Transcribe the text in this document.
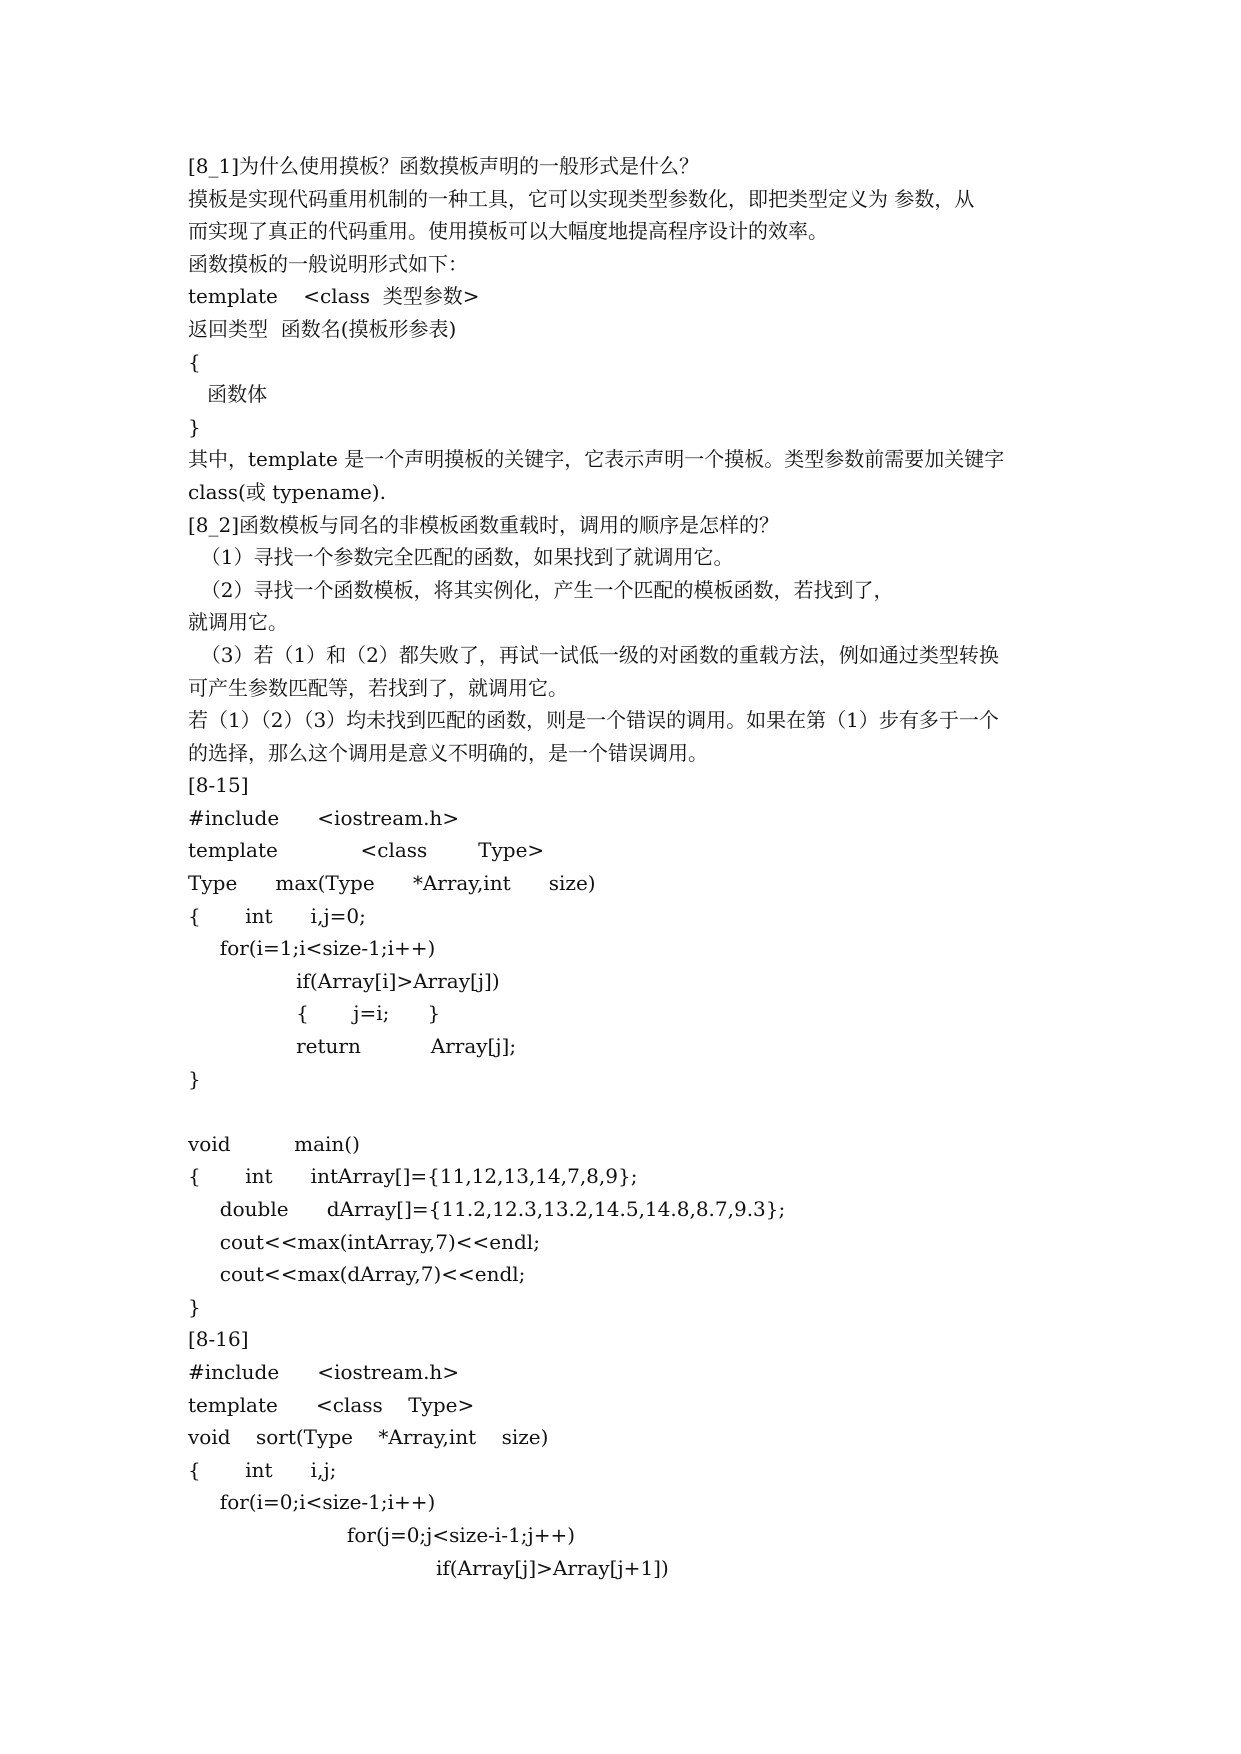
[8_1]为什么使用摸板？函数摸板声明的一般形式是什么？
摸板是实现代码重用机制的一种工具，它可以实现类型参数化，即把类型定义为 参数，从
而实现了真正的代码重用。使用摸板可以大幅度地提高程序设计的效率。
函数摸板的一般说明形式如下：
template    <class  类型参数>
返回类型  函数名(摸板形参表)
{
函数体
}
其中，template 是一个声明摸板的关键字，它表示声明一个摸板。类型参数前需要加关键字
class(或 typename).
[8_2]函数模板与同名的非模板函数重载时，调用的顺序是怎样的？
（1）寻找一个参数完全匹配的函数，如果找到了就调用它。
（2）寻找一个函数模板，将其实例化，产生一个匹配的模板函数，若找到了，
就调用它。
（3）若（1）和（2）都失败了，再试一试低一级的对函数的重载方法，例如通过类型转换
可产生参数匹配等，若找到了，就调用它。
若（1）（2）（3）均未找到匹配的函数，则是一个错误的调用。如果在第（1）步有多于一个
的选择，那么这个调用是意义不明确的，是一个错误调用。
[8-15]
#include      <iostream.h>
template             <class        Type>
Type      max(Type      *Array,int      size)
{       int      i,j=0;
for(i=1;i<size-1;i++)
if(Array[i]>Array[j])
{       j=i;      }
return           Array[j];
}
void          main()
{       int      intArray[]={11,12,13,14,7,8,9};
double      dArray[]={11.2,12.3,13.2,14.5,14.8,8.7,9.3};
cout<<max(intArray,7)<<endl;
cout<<max(dArray,7)<<endl;
}
[8-16]
#include      <iostream.h>
template      <class    Type>
void    sort(Type    *Array,int    size)
{       int      i,j;
for(i=0;i<size-1;i++)
for(j=0;j<size-i-1;j++)
if(Array[j]>Array[j+1])
